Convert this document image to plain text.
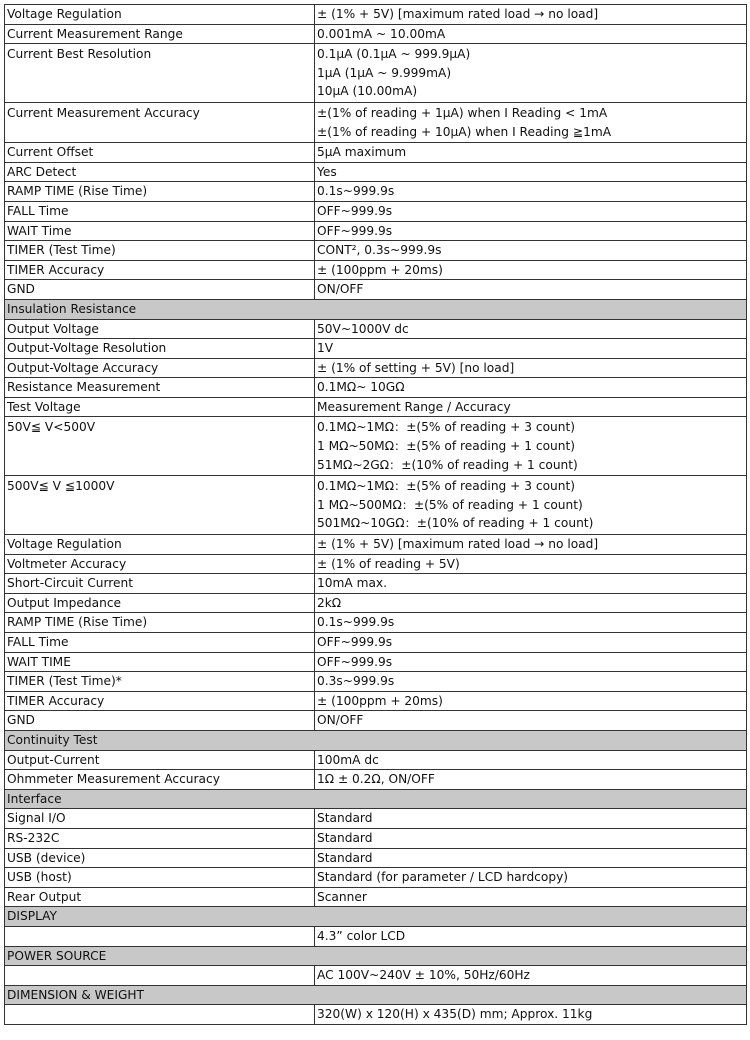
Voltage Regulation	± (1% + 5V) [maximum rated load → no load]

Current Measurement Range	0.001mA ~ 10.00mA

Current Best Resolution	0.1µA (0.1µA ~ 999.9µA)
1µA (1µA ~ 9.999mA)
10µA (10.00mA)

Current Measurement Accuracy	±(1% of reading + 1µA) when I Reading < 1mA
±(1% of reading + 10µA) when I Reading ≧1mA

Current Offset	5µA maximum

ARC Detect	Yes

RAMP TIME (Rise Time)	0.1s~999.9s

FALL Time	OFF~999.9s

WAIT Time	OFF~999.9s

TIMER (Test Time)	CONT², 0.3s~999.9s

TIMER Accuracy	± (100ppm + 20ms)

GND	ON/OFF

Insulation Resistance	
Output Voltage	50V~1000V dc

Output-Voltage Resolution	1V

Output-Voltage Accuracy	± (1% of setting + 5V) [no load]

Resistance Measurement	0.1MΩ~ 10GΩ

Test Voltage	Measurement Range / Accuracy

50V≦ V<500V	0.1MΩ~1MΩ：±(5% of reading + 3 count)
1 MΩ~50MΩ：±(5% of reading + 1 count)
51MΩ~2GΩ：±(10% of reading + 1 count)

500V≦ V ≦1000V	0.1MΩ~1MΩ：±(5% of reading + 3 count)
1 MΩ~500MΩ：±(5% of reading + 1 count)
501MΩ~10GΩ：±(10% of reading + 1 count)

Voltage Regulation	± (1% + 5V) [maximum rated load → no load]

Voltmeter Accuracy	± (1% of reading + 5V)

Short-Circuit Current	10mA max.

Output Impedance	2kΩ

RAMP TIME (Rise Time)	0.1s~999.9s

FALL Time	OFF~999.9s

WAIT TIME	OFF~999.9s

TIMER (Test Time)*	0.3s~999.9s

TIMER Accuracy	± (100ppm + 20ms)

GND	ON/OFF

Continuity Test	
Output-Current	100mA dc

Ohmmeter Measurement Accuracy	1Ω ± 0.2Ω, ON/OFF

Interface	
Signal I/O	Standard

RS-232C	Standard

USB (device)	Standard

USB (host)	Standard (for parameter / LCD hardcopy)

Rear Output	Scanner

DISPLAY	

	4.3” color LCD

POWER SOURCE	

	AC 100V~240V ± 10%, 50Hz/60Hz

DIMENSION & WEIGHT	

	320(W) x 120(H) x 435(D) mm; Approx. 11kg
